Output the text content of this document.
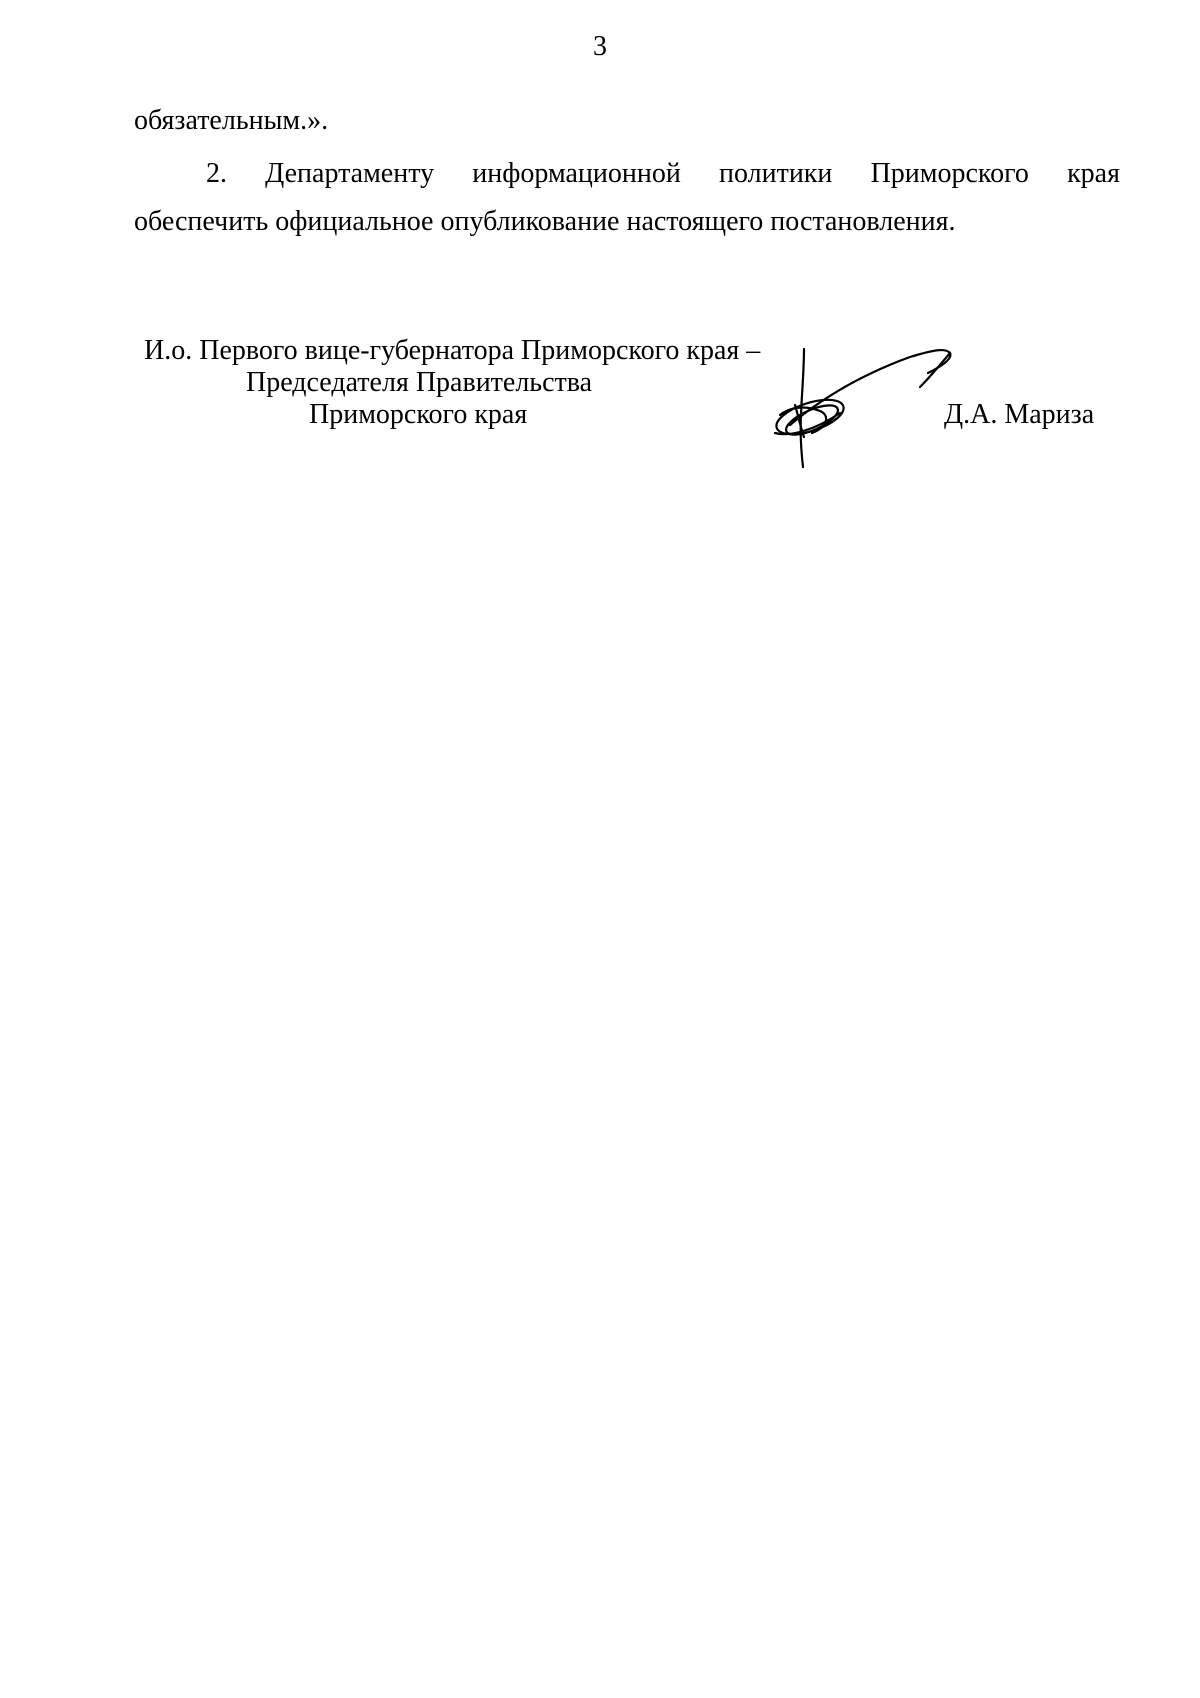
3
обязательным.».
2. Департаменту информационной политики Приморского края
обеспечить официальное опубликование настоящего постановления.
И.о. Первого вице-губернатора Приморского края –
Председателя Правительства
Приморского края	Д.А. Мариза
